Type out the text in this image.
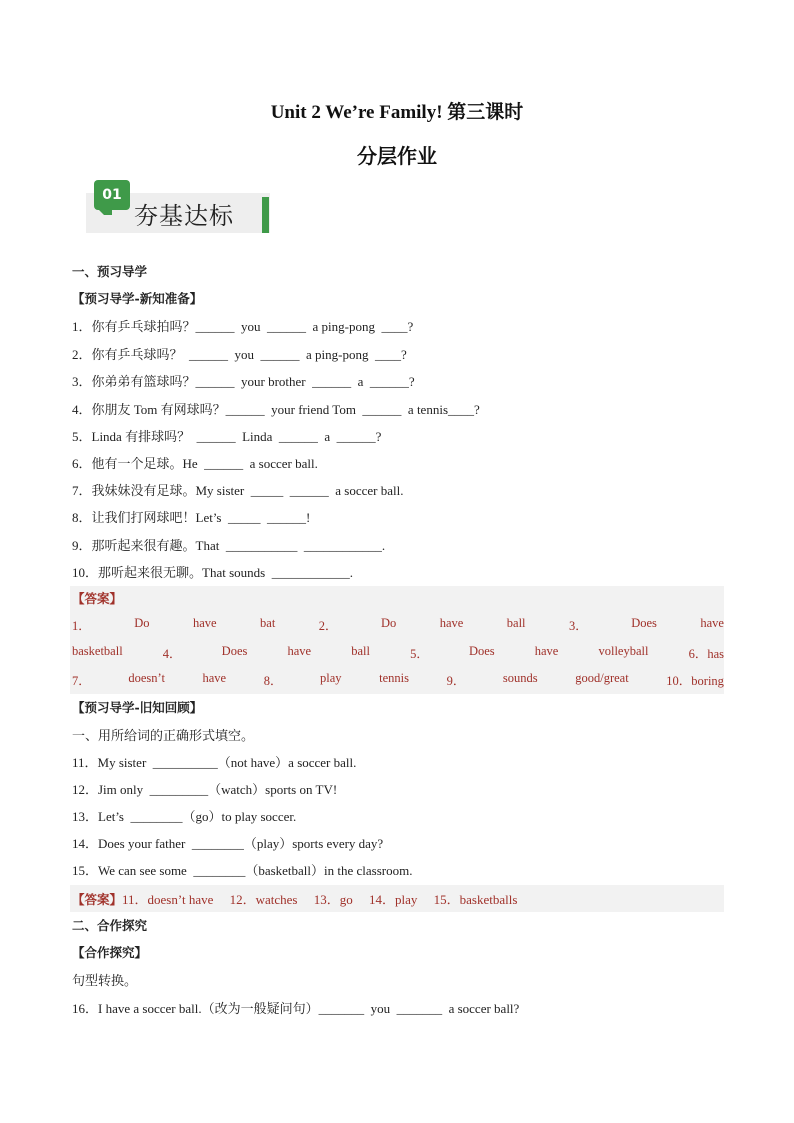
Unit 2 We’re Family! 第三课时
分层作业
01
夯基达标
一、预习导学
【预习导学-新知准备】
1．你有乒乓球拍吗？______  you  ______  a ping-pong  ____?
2．你有乒乓球吗？  ______  you  ______  a ping-pong  ____?
3．你弟弟有篮球吗？______  your brother  ______  a  ______?
4．你朋友 Tom 有网球吗？______  your friend Tom  ______  a tennis____?
5．Linda 有排球吗？  ______  Linda  ______  a  ______?
6．他有一个足球。He  ______  a soccer ball.
7．我妹妹没有足球。My sister  _____  ______  a soccer ball.
8．让我们打网球吧！Let’s  _____  ______!
9．那听起来很有趣。That  ___________  ____________.
10．那听起来很无聊。That sounds  ____________.
【答案】
1．	Do	have	bat	2．	Do	have	ball	3．	Does	have
basketball	4．	Does	have	ball	5．	Does	have	volleyball	6．has
7．	doesn’t	have	8．	play	tennis	9．	sounds	good/great	10．boring
【预习导学-旧知回顾】
一、用所给词的正确形式填空。
11．My sister  __________（not have）a soccer ball.
12．Jim only  _________（watch）sports on TV!
13．Let’s  ________（go）to play soccer.
14．Does your father  ________（play）sports every day?
15．We can see some  ________（basketball）in the classroom.
【答案】11．doesn’t have     12．watches     13．go     14．play     15．basketballs
二、合作探究
【合作探究】
句型转换。
16．I have a soccer ball.（改为一般疑问句）_______  you  _______  a soccer ball?
